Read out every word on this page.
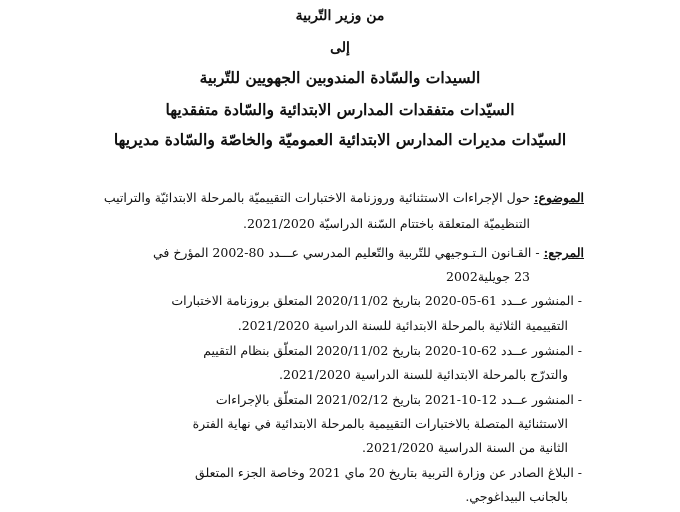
من وزير التّربية
إلى
السيدات والسّادة المندوبين الجهويين للتّربية
السيّدات متفقدات المدارس الابتدائية والسّادة متفقديها
السيّدات مديرات المدارس الابتدائية العموميّة والخاصّة والسّادة مديريها
الموضوع: حول الإجراءات الاستثنائية وروزنامة الاختبارات التقييميّة بالمرحلة الابتدائيّة والتراتيب
التنظيميّة المتعلقة باختتام السّنة الدراسيّة 2021/2020.
المرجع: - القـانون الـتـوجيهي للتّربية والتّعليم المدرسي عـــدد 80-2002 المؤرخ في
23 جويلية2002
- المنشور عــدد 61-05-2020 بتاريخ 2020/11/02 المتعلق بروزنامة الاختبارات
التقييمية الثلاثية بالمرحلة الابتدائية للسنة الدراسية 2021/2020.
- المنشور عــدد 62-10-2020 بتاريخ 2020/11/02 المتعلّق بنظام التقييم
والتدرّج بالمرحلة الابتدائية للسنة الدراسية 2021/2020.
- المنشور عــدد 12-10-2021 بتاريخ 2021/02/12 المتعلّق بالإجراءات
الاستثنائية المتصلة بالاختبارات التقييمية بالمرحلة الابتدائية في نهاية الفترة
الثانية من السنة الدراسية 2021/2020.
- البلاغ الصادر عن وزارة التربية بتاريخ 20 ماي 2021 وخاصة الجزء المتعلق
بالجانب البيداغوجي.
